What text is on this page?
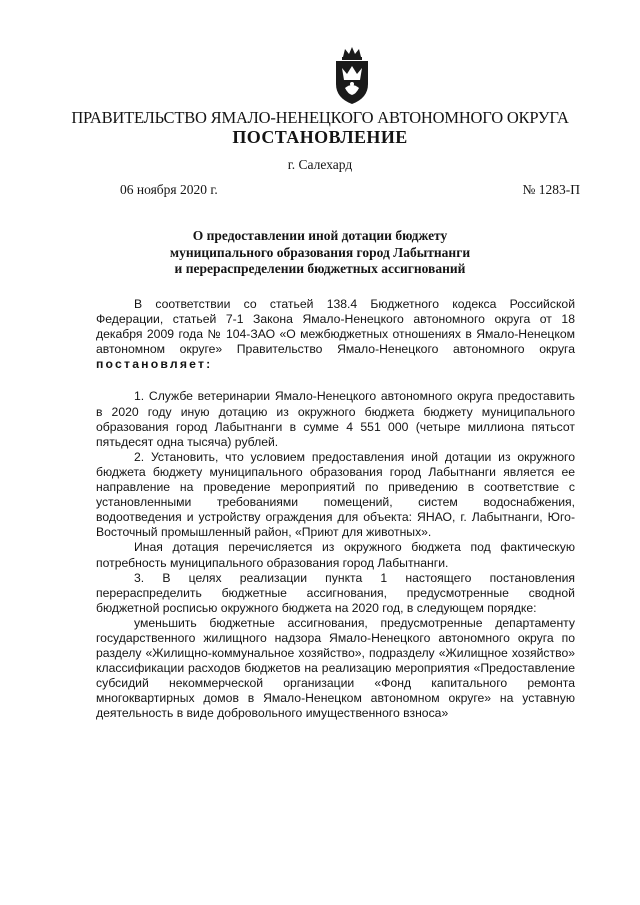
ПРАВИТЕЛЬСТВО ЯМАЛО-НЕНЕЦКОГО АВТОНОМНОГО ОКРУГА
ПОСТАНОВЛЕНИЕ
г. Салехард
06 ноября 2020 г.	№ 1283-П
О предоставлении иной дотации бюджету
муниципального образования город Лабытнанги
и перераспределении бюджетных ассигнований

В соответствии со статьей 138.4 Бюджетного кодекса Российской Федерации, статьей 7-1 Закона Ямало-Ненецкого автономного округа от 18 декабря 2009 года № 104-ЗАО «О межбюджетных отношениях в Ямало-Ненецком автономном округе» Правительство Ямало-Ненецкого автономного округа постановляет:

1. Службе ветеринарии Ямало-Ненецкого автономного округа предоставить в 2020 году иную дотацию из окружного бюджета бюджету муниципального образования город Лабытнанги в сумме 4 551 000 (четыре миллиона пятьсот пятьдесят одна тысяча) рублей.

2. Установить, что условием предоставления иной дотации из окружного бюджета бюджету муниципального образования город Лабытнанги является ее направление на проведение мероприятий по приведению в соответствие с установленными требованиями помещений, систем водоснабжения, водоотведения и устройству ограждения для объекта: ЯНАО, г. Лабытнанги, Юго-Восточный промышленный район, «Приют для животных».

Иная дотация перечисляется из окружного бюджета под фактическую потребность муниципального образования город Лабытнанги.

3. В целях реализации пункта 1 настоящего постановления перераспределить бюджетные ассигнования, предусмотренные сводной бюджетной росписью окружного бюджета на 2020 год, в следующем порядке:

уменьшить бюджетные ассигнования, предусмотренные департаменту государственного жилищного надзора Ямало-Ненецкого автономного округа по разделу «Жилищно-коммунальное хозяйство», подразделу «Жилищное хозяйство» классификации расходов бюджетов на реализацию мероприятия «Предоставление субсидий некоммерческой организации «Фонд капитального ремонта многоквартирных домов в Ямало-Ненецком автономном округе» на уставную деятельность в виде добровольного имущественного взноса»
